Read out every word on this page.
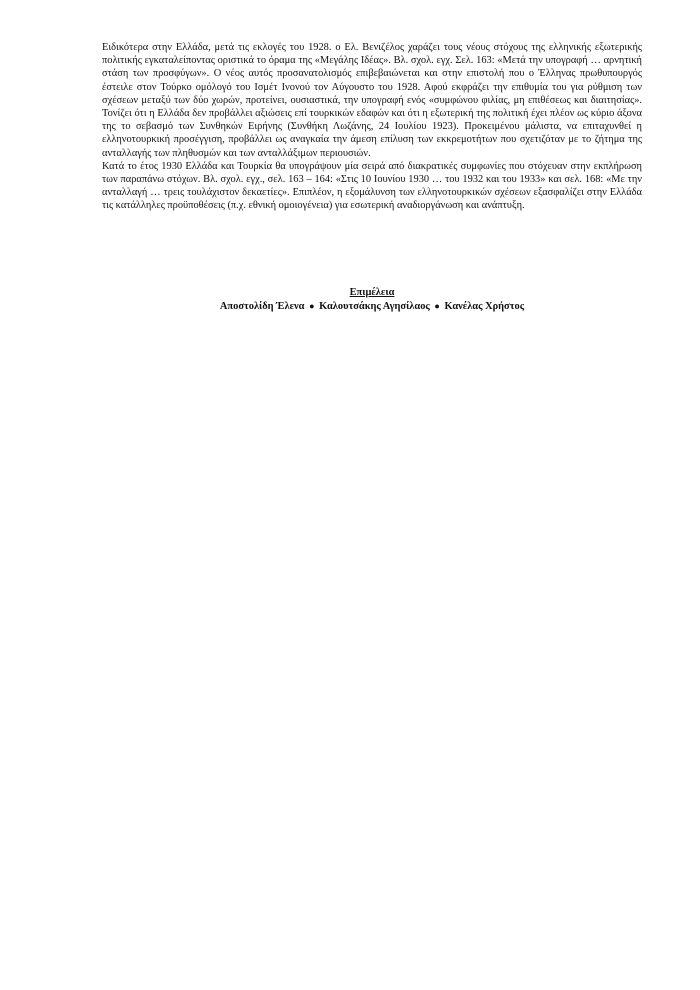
Ειδικότερα στην Ελλάδα, μετά τις εκλογές του 1928. ο Ελ. Βενιζέλος χαράζει τους νέους στόχους της ελληνικής εξωτερικής πολιτικής εγκαταλείποντας οριστικά το όραμα της «Μεγάλης Ιδέας». Βλ. σχολ. εγχ. Σελ. 163: «Μετά την υπογραφή … αρνητική στάση των προσφύγων». Ο νέος αυτός προσανατολισμός επιβεβαιώνεται και στην επιστολή που ο Έλληνας πρωθυπουργός έστειλε στον Τούρκο ομόλογό του Ισμέτ Ινονού τον Αύγουστο του 1928. Αφού εκφράζει την επιθυμία του για ρύθμιση των σχέσεων μεταξύ των δύο χωρών, προτείνει, ουσιαστικά, την υπογραφή ενός «συμφώνου φιλίας, μη επιθέσεως και διαιτησίας». Τονίζει ότι η Ελλάδα δεν προβάλλει αξιώσεις επί τουρκικών εδαφών και ότι η εξωτερική της πολιτική έχει πλέον ως κύριο άξονα της το σεβασμό των Συνθηκών Ειρήνης (Συνθήκη Λωζάνης, 24 Ιουλίου 1923). Προκειμένου μάλιστα, να επιταχυνθεί η ελληνοτουρκική προσέγγιση, προβάλλει ως αναγκαία την άμεση επίλυση των εκκρεμοτήτων που σχετιζόταν με το ζήτημα της ανταλλαγής των πληθυσμών και των ανταλλάξιμων περιουσιών.

Κατά το έτος 1930 Ελλάδα και Τουρκία θα υπογράψουν μία σειρά από διακρατικές συμφωνίες που στόχευαν στην εκπλήρωση των παραπάνω στόχων. Βλ. σχολ. εγχ., σελ. 163 – 164: «Στις 10 Ιουνίου 1930 … του 1932 και του 1933» και σελ. 168: «Με την ανταλλαγή … τρεις τουλάχιστον δεκαετίες». Επιπλέον, η εξομάλυνση των ελληνοτουρκικών σχέσεων εξασφαλίζει στην Ελλάδα τις κατάλληλες προϋποθέσεις (π.χ. εθνική ομοιογένεια) για εσωτερική αναδιοργάνωση και ανάπτυξη.

Επιμέλεια
Αποστολίδη Έλενα ● Καλουτσάκης Αγησίλαος ● Κανέλας Χρήστος
